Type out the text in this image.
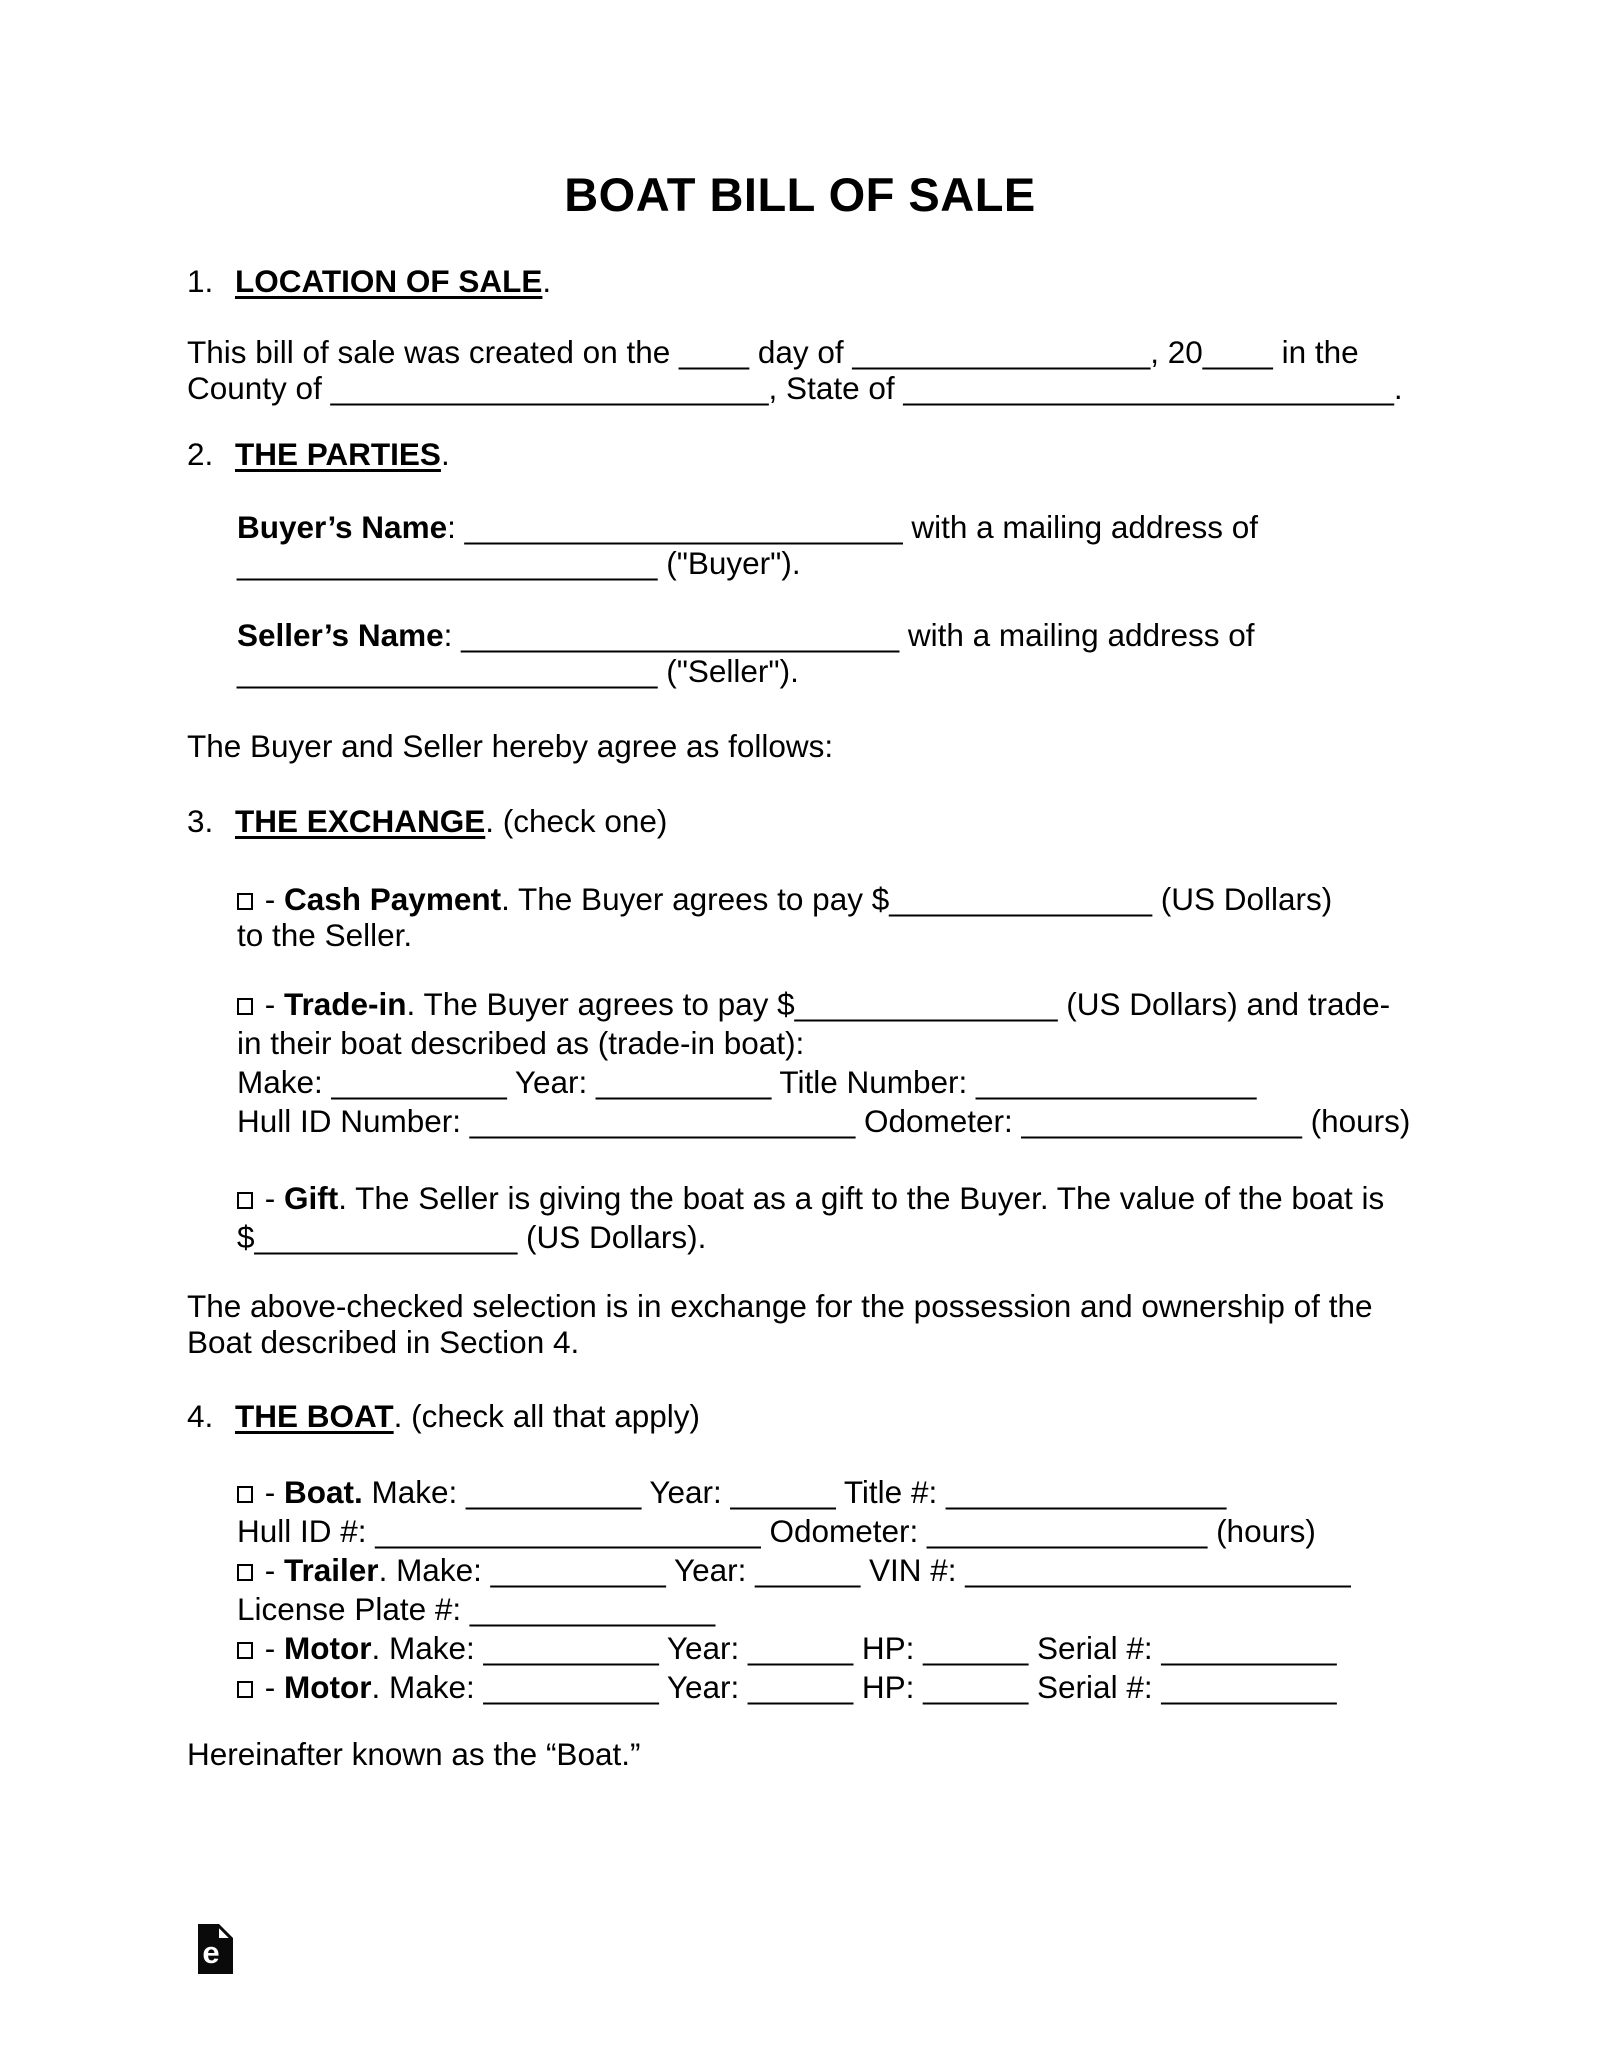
BOAT BILL OF SALE
1. LOCATION OF SALE.
This bill of sale was created on the ____ day of _________________, 20____ in the
County of _________________________, State of ____________________________.
2. THE PARTIES.
Buyer’s Name: _________________________ with a mailing address of
________________________ ("Buyer").
Seller’s Name: _________________________ with a mailing address of
________________________ ("Seller").
The Buyer and Seller hereby agree as follows:
3. THE EXCHANGE. (check one)
- Cash Payment. The Buyer agrees to pay $_______________ (US Dollars)
to the Seller.
- Trade-in. The Buyer agrees to pay $_______________ (US Dollars) and trade-
in their boat described as (trade-in boat):
Make: __________ Year: __________ Title Number: ________________
Hull ID Number: ______________________ Odometer: ________________ (hours)
- Gift. The Seller is giving the boat as a gift to the Buyer. The value of the boat is
$_______________ (US Dollars).
The above-checked selection is in exchange for the possession and ownership of the
Boat described in Section 4.
4. THE BOAT. (check all that apply)
- Boat. Make: __________ Year: ______ Title #: ________________
Hull ID #: ______________________ Odometer: ________________ (hours)
- Trailer. Make: __________ Year: ______ VIN #: ______________________
License Plate #: ______________
- Motor. Make: __________ Year: ______ HP: ______ Serial #: __________
- Motor. Make: __________ Year: ______ HP: ______ Serial #: __________
Hereinafter known as the “Boat.”
e
